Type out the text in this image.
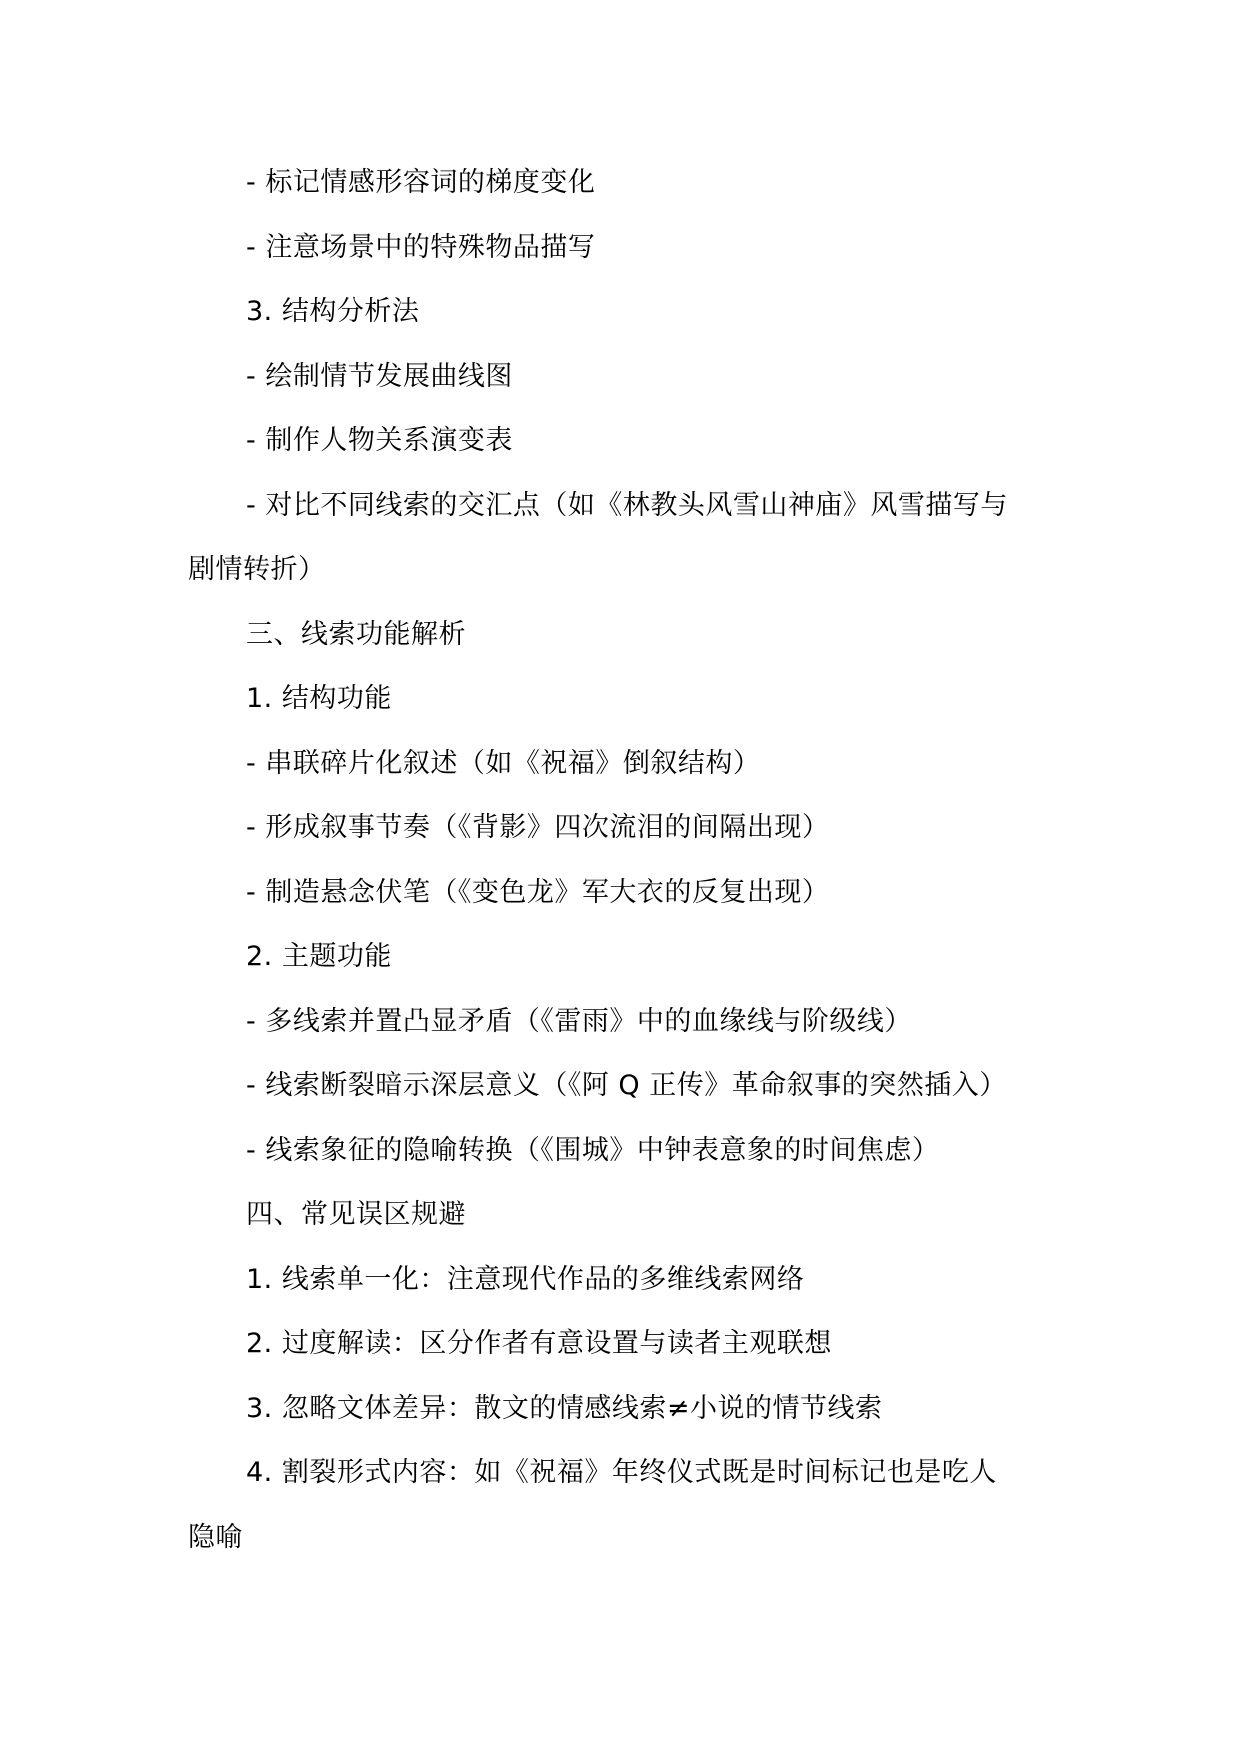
- 标记情感形容词的梯度变化
- 注意场景中的特殊物品描写
3. 结构分析法
- 绘制情节发展曲线图
- 制作人物关系演变表
- 对比不同线索的交汇点（如《林教头风雪山神庙》风雪描写与
剧情转折）
三、线索功能解析
1. 结构功能
- 串联碎片化叙述（如《祝福》倒叙结构）
- 形成叙事节奏（《背影》四次流泪的间隔出现）
- 制造悬念伏笔（《变色龙》军大衣的反复出现）
2. 主题功能
- 多线索并置凸显矛盾（《雷雨》中的血缘线与阶级线）
- 线索断裂暗示深层意义（《阿 Q 正传》革命叙事的突然插入）
- 线索象征的隐喻转换（《围城》中钟表意象的时间焦虑）
四、常见误区规避
1. 线索单一化：注意现代作品的多维线索网络
2. 过度解读：区分作者有意设置与读者主观联想
3. 忽略文体差异：散文的情感线索≠小说的情节线索
4. 割裂形式内容：如《祝福》年终仪式既是时间标记也是吃人
隐喻
